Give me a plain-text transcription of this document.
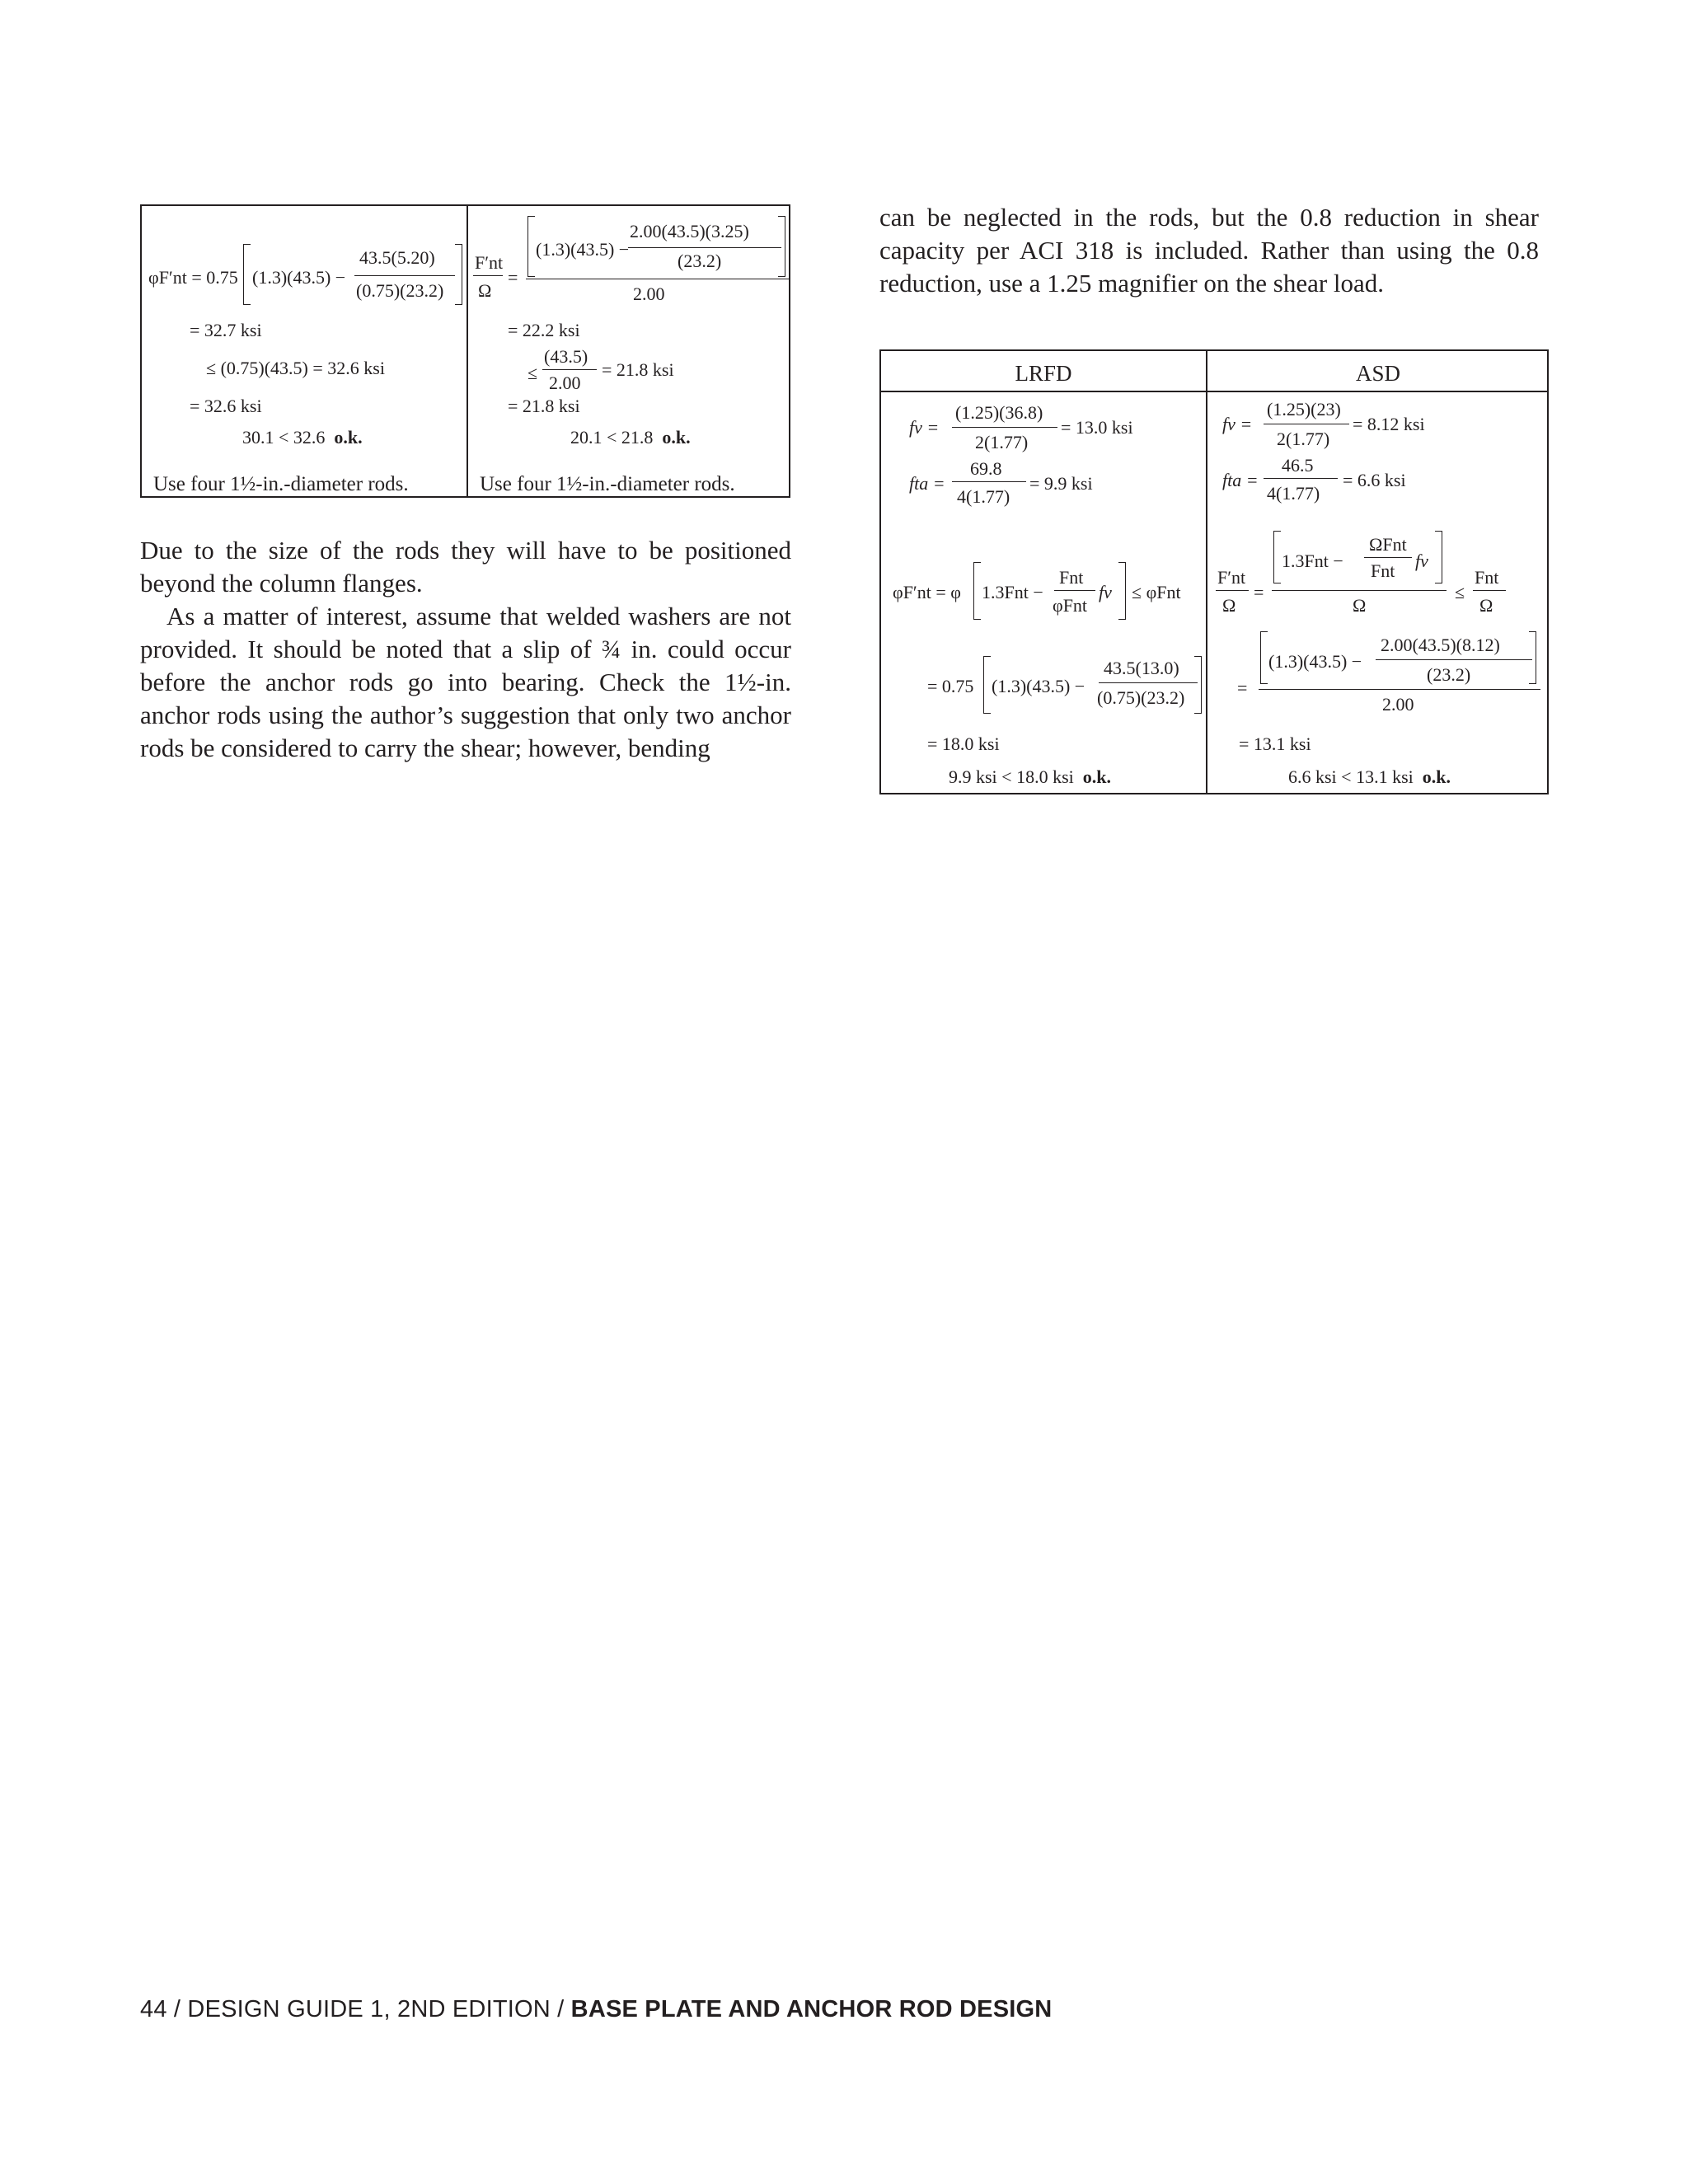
φF′nt = 0.75 (1.3)(43.5) −
43.5(5.20)
(0.75)(23.2)
= 32.7 ksi
≤ (0.75)(43.5) = 32.6 ksi
= 32.6 ksi
30.1 < 32.6 o.k.
Use four 1½-in.-diameter rods.
F′nt
Ω
=
(1.3)(43.5) −
2.00(43.5)(3.25)
(23.2)
2.00
= 22.2 ksi
≤
(43.5)
2.00
= 21.8 ksi
= 21.8 ksi
20.1 < 21.8 o.k.
Use four 1½-in.-diameter rods.

Due to the size of the rods they will have to be positioned beyond the column flanges.

As a matter of interest, assume that welded washers are not provided. It should be noted that a slip of ¾ in. could occur before the anchor rods go into bearing. Check the 1½-in. anchor rods using the author’s suggestion that only two anchor rods be considered to carry the shear; however, bending

can be neglected in the rods, but the 0.8 reduction in shear capacity per ACI 318 is included. Rather than using the 0.8 reduction, use a 1.25 magnifier on the shear load.

LRFD	ASD
fv =
(1.25)(36.8)
2(1.77)
= 13.0 ksi
fta =
69.8
4(1.77)
= 9.9 ksi
φF′nt = φ 1.3Fnt −
Fnt
φFnt
fv ≤ φFnt
= 0.75 (1.3)(43.5) −
43.5(13.0)
(0.75)(23.2)
= 18.0 ksi
9.9 ksi < 18.0 ksi o.k.
fv =
(1.25)(23)
2(1.77)
= 8.12 ksi
fta =
46.5
4(1.77)
= 6.6 ksi
F′nt
Ω
=
1.3Fnt −
ΩFnt
Fnt fv
Ω
≤
Fnt
Ω
=
(1.3)(43.5) −
2.00(43.5)(8.12)
(23.2)
2.00
= 13.1 ksi
6.6 ksi < 13.1 ksi o.k.
44 / DESIGN GUIDE 1, 2ND EDITION / BASE PLATE AND ANCHOR ROD DESIGN
